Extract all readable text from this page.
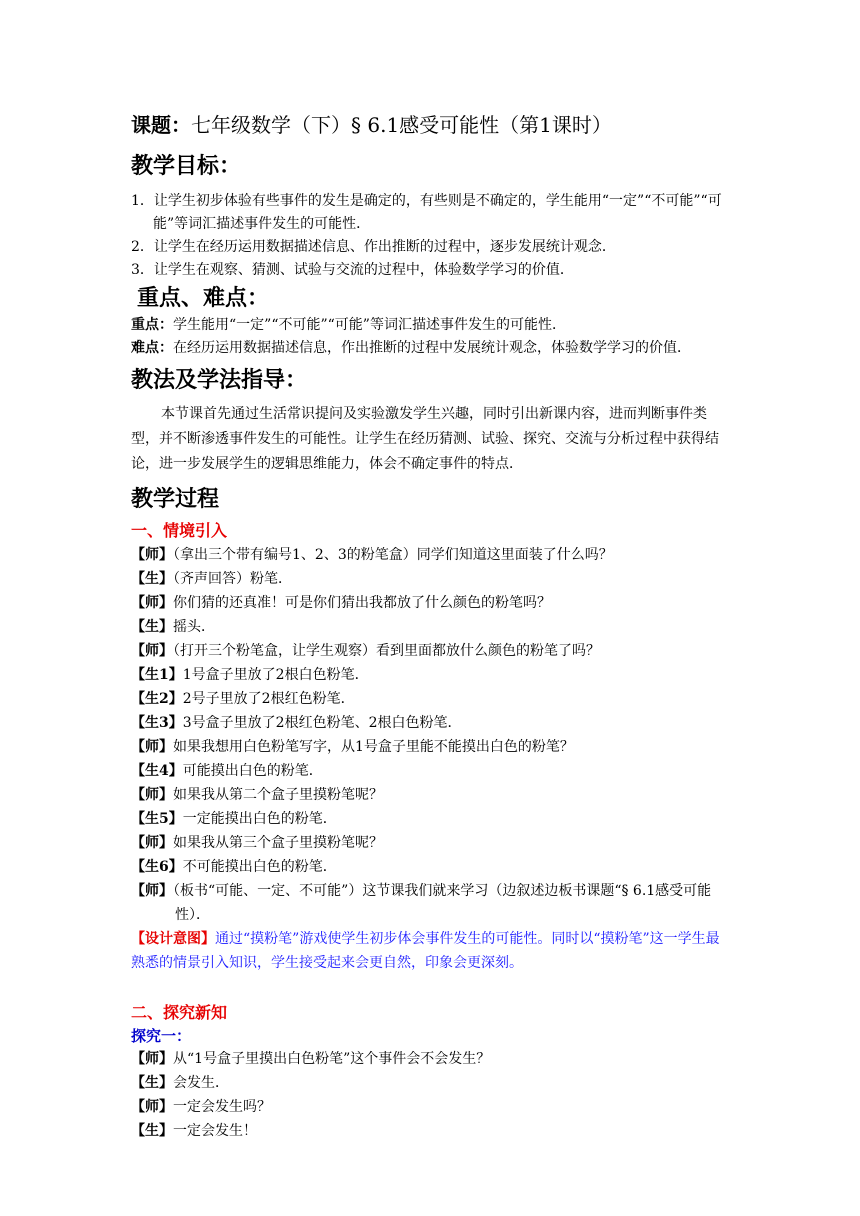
课题：七年级数学（下）§ 6.1感受可能性（第1课时）
教学目标：
1．让学生初步体验有些事件的发生是确定的，有些则是不确定的，学生能用“一定”“不可能”“可能”等词汇描述事件发生的可能性．
2．让学生在经历运用数据描述信息、作出推断的过程中，逐步发展统计观念．
3．让学生在观察、猜测、试验与交流的过程中，体验数学学习的价值．
重点、难点：
重点：学生能用“一定”“不可能”“可能”等词汇描述事件发生的可能性．
难点：在经历运用数据描述信息，作出推断的过程中发展统计观念，体验数学学习的价值．
教法及学法指导：
本节课首先通过生活常识提问及实验激发学生兴趣，同时引出新课内容，进而判断事件类型，并不断渗透事件发生的可能性。让学生在经历猜测、试验、探究、交流与分析过程中获得结论，进一步发展学生的逻辑思维能力，体会不确定事件的特点．
教学过程
一、情境引入
【师】（拿出三个带有编号1、2、3的粉笔盒）同学们知道这里面装了什么吗？
【生】（齐声回答）粉笔．
【师】你们猜的还真准！可是你们猜出我都放了什么颜色的粉笔吗？
【生】摇头．
【师】（打开三个粉笔盒，让学生观察）看到里面都放什么颜色的粉笔了吗？
【生1】1号盒子里放了2根白色粉笔．
【生2】2号子里放了2根红色粉笔．
【生3】3号盒子里放了2根红色粉笔、2根白色粉笔．
【师】如果我想用白色粉笔写字，从1号盒子里能不能摸出白色的粉笔？
【生4】可能摸出白色的粉笔．
【师】如果我从第二个盒子里摸粉笔呢？
【生5】一定能摸出白色的粉笔．
【师】如果我从第三个盒子里摸粉笔呢？
【生6】不可能摸出白色的粉笔．
【师】（板书“可能、一定、不可能”）这节课我们就来学习（边叙述边板书课题“§ 6.1感受可能性）．
【设计意图】通过“摸粉笔”游戏使学生初步体会事件发生的可能性。同时以“摸粉笔”这一学生最熟悉的情景引入知识，学生接受起来会更自然，印象会更深刻。
二、探究新知
探究一：
【师】从“1号盒子里摸出白色粉笔”这个事件会不会发生？
【生】会发生．
【师】一定会发生吗？
【生】一定会发生！
